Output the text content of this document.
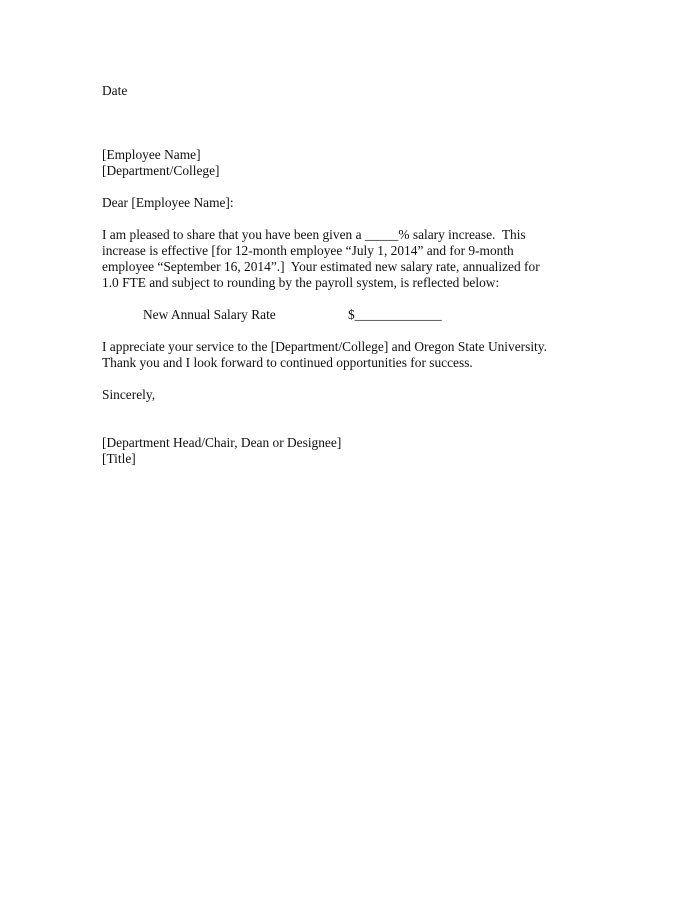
Date
[Employee Name]
[Department/College]
Dear [Employee Name]:
I am pleased to share that you have been given a _____% salary increase.  This
increase is effective [for 12-month employee “July 1, 2014” and for 9-month
employee “September 16, 2014”.]  Your estimated new salary rate, annualized for
1.0 FTE and subject to rounding by the payroll system, is reflected below:
New Annual Salary Rate	$_____________
I appreciate your service to the [Department/College] and Oregon State University.
Thank you and I look forward to continued opportunities for success.
Sincerely,
[Department Head/Chair, Dean or Designee]
[Title]
